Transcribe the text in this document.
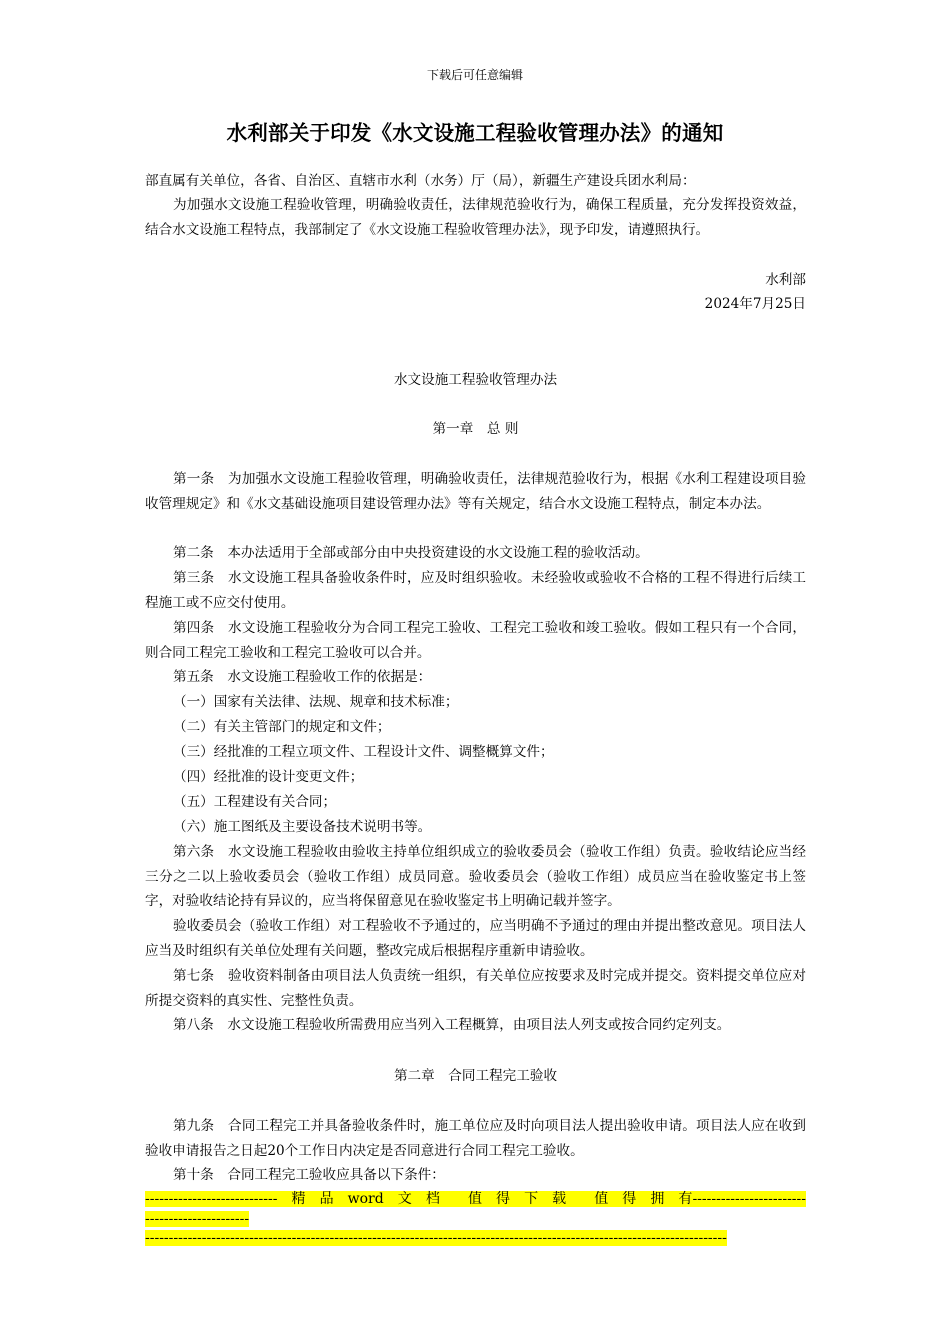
下载后可任意编辑
水利部关于印发《水文设施工程验收管理办法》的通知
部直属有关单位，各省、自治区、直辖市水利（水务）厅（局），新疆生产建设兵团水利局：
为加强水文设施工程验收管理，明确验收责任，法律规范验收行为，确保工程质量，充分发挥投资效益，结合水文设施工程特点，我部制定了《水文设施工程验收管理办法》，现予印发，请遵照执行。
水利部
2024年7月25日
水文设施工程验收管理办法
第一章　总 则
第一条　为加强水文设施工程验收管理，明确验收责任，法律规范验收行为，根据《水利工程建设项目验收管理规定》和《水文基础设施项目建设管理办法》等有关规定，结合水文设施工程特点，制定本办法。
第二条　本办法适用于全部或部分由中央投资建设的水文设施工程的验收活动。
第三条　水文设施工程具备验收条件时，应及时组织验收。未经验收或验收不合格的工程不得进行后续工程施工或不应交付使用。
第四条　水文设施工程验收分为合同工程完工验收、工程完工验收和竣工验收。假如工程只有一个合同，则合同工程完工验收和工程完工验收可以合并。
第五条　水文设施工程验收工作的依据是：
（一）国家有关法律、法规、规章和技术标准；
（二）有关主管部门的规定和文件；
（三）经批准的工程立项文件、工程设计文件、调整概算文件；
（四）经批准的设计变更文件；
（五）工程建设有关合同；
（六）施工图纸及主要设备技术说明书等。
第六条　水文设施工程验收由验收主持单位组织成立的验收委员会（验收工作组）负责。验收结论应当经三分之二以上验收委员会（验收工作组）成员同意。验收委员会（验收工作组）成员应当在验收鉴定书上签字，对验收结论持有异议的，应当将保留意见在验收鉴定书上明确记载并签字。
验收委员会（验收工作组）对工程验收不予通过的，应当明确不予通过的理由并提出整改意见。项目法人应当及时组织有关单位处理有关问题，整改完成后根据程序重新申请验收。
第七条　验收资料制备由项目法人负责统一组织，有关单位应按要求及时完成并提交。资料提交单位应对所提交资料的真实性、完整性负责。
第八条　水文设施工程验收所需费用应当列入工程概算，由项目法人列支或按合同约定列支。
第二章　合同工程完工验收
第九条　合同工程完工并具备验收条件时，施工单位应及时向项目法人提出验收申请。项目法人应在收到验收申请报告之日起20个工作日内决定是否同意进行合同工程完工验收。
第十条　合同工程完工验收应具备以下条件：
----------------------------　精　品　word　文　档　　值　得　下　载　　值　得　拥　有----------------------------------------------
---------------------------------------------------------------------------------------------------------------------------
